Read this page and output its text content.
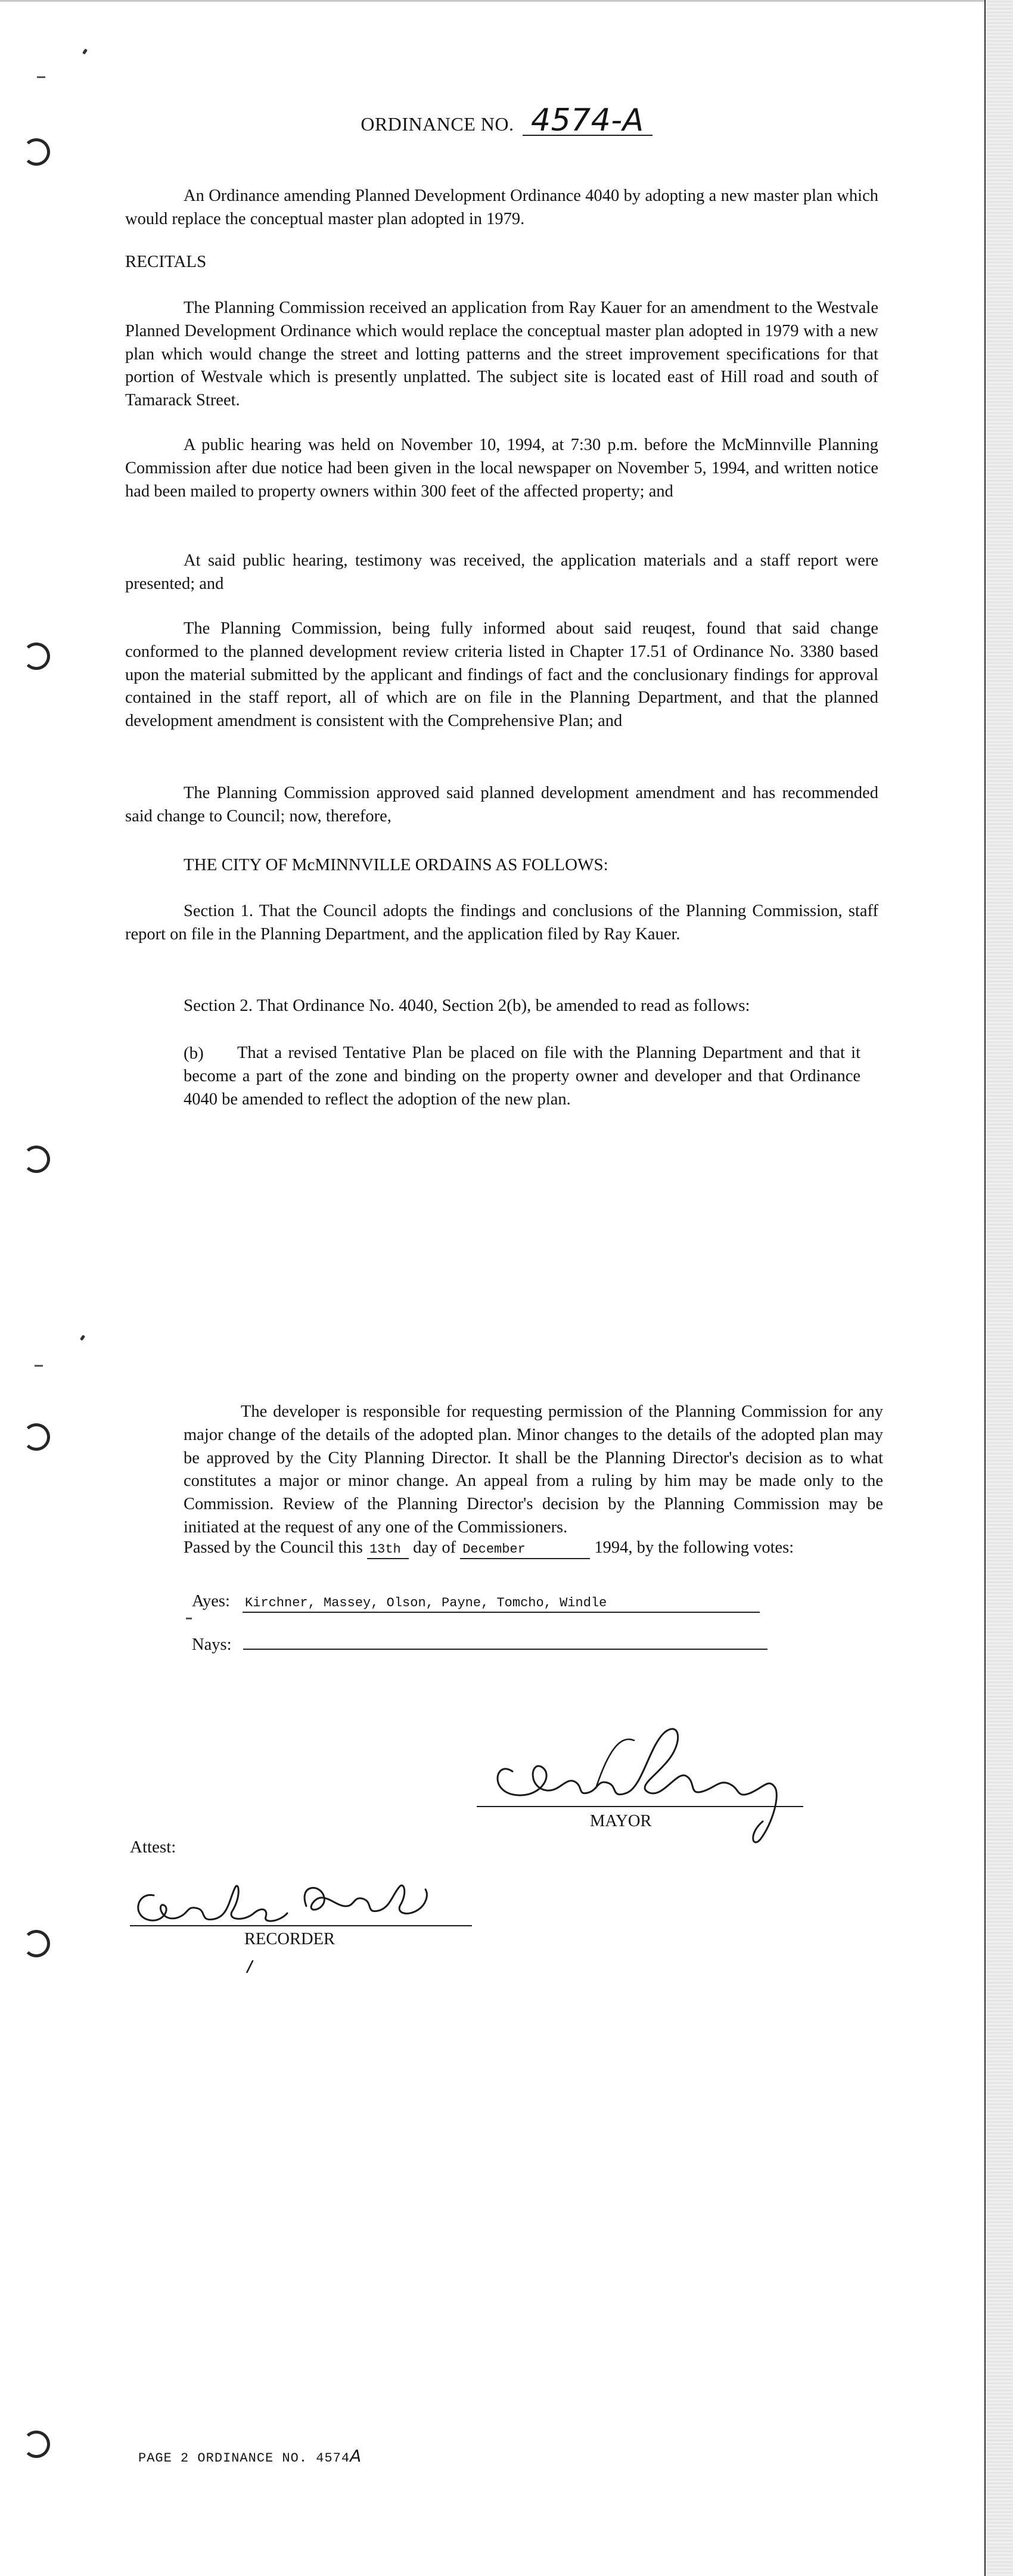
ORDINANCE NO. 4574-A

An Ordinance amending Planned Development Ordinance 4040 by adopting a new master plan which would replace the conceptual master plan adopted in 1979.

RECITALS

The Planning Commission received an application from Ray Kauer for an amendment to the Westvale Planned Development Ordinance which would replace the conceptual master plan adopted in 1979 with a new plan which would change the street and lotting patterns and the street improvement specifications for that portion of Westvale which is presently unplatted. The subject site is located east of Hill road and south of Tamarack Street.

A public hearing was held on November 10, 1994, at 7:30 p.m. before the McMinnville Planning Commission after due notice had been given in the local newspaper on November 5, 1994, and written notice had been mailed to property owners within 300 feet of the affected property; and

At said public hearing, testimony was received, the application materials and a staff report were presented; and

The Planning Commission, being fully informed about said reuqest, found that said change conformed to the planned development review criteria listed in Chapter 17.51 of Ordinance No. 3380 based upon the material submitted by the applicant and findings of fact and the conclusionary findings for approval contained in the staff report, all of which are on file in the Planning Department, and that the planned development amendment is consistent with the Comprehensive Plan; and

The Planning Commission approved said planned development amendment and has recommended said change to Council; now, therefore,

THE CITY OF McMINNVILLE ORDAINS AS FOLLOWS:

Section 1. That the Council adopts the findings and conclusions of the Planning Commission, staff report on file in the Planning Department, and the application filed by Ray Kauer.

Section 2. That Ordinance No. 4040, Section 2(b), be amended to read as follows:

(b)	That a revised Tentative Plan be placed on file with the Planning Department and that it become a part of the zone and binding on the property owner and developer and that Ordinance 4040 be amended to reflect the adoption of the new plan.

The developer is responsible for requesting permission of the Planning Commission for any major change of the details of the adopted plan. Minor changes to the details of the adopted plan may be approved by the City Planning Director. It shall be the Planning Director's decision as to what constitutes a major or minor change. An appeal from a ruling by him may be made only to the Commission. Review of the Planning Director's decision by the Planning Commission may be initiated at the request of any one of the Commissioners.

Passed by the Council this 13th day of December	1994, by the following votes:
Ayes: Kirchner, Massey, Olson, Payne, Tomcho, Windle
Nays:
MAYOR

Attest:

RECORDER
PAGE 2 ORDINANCE NO. 4574A
